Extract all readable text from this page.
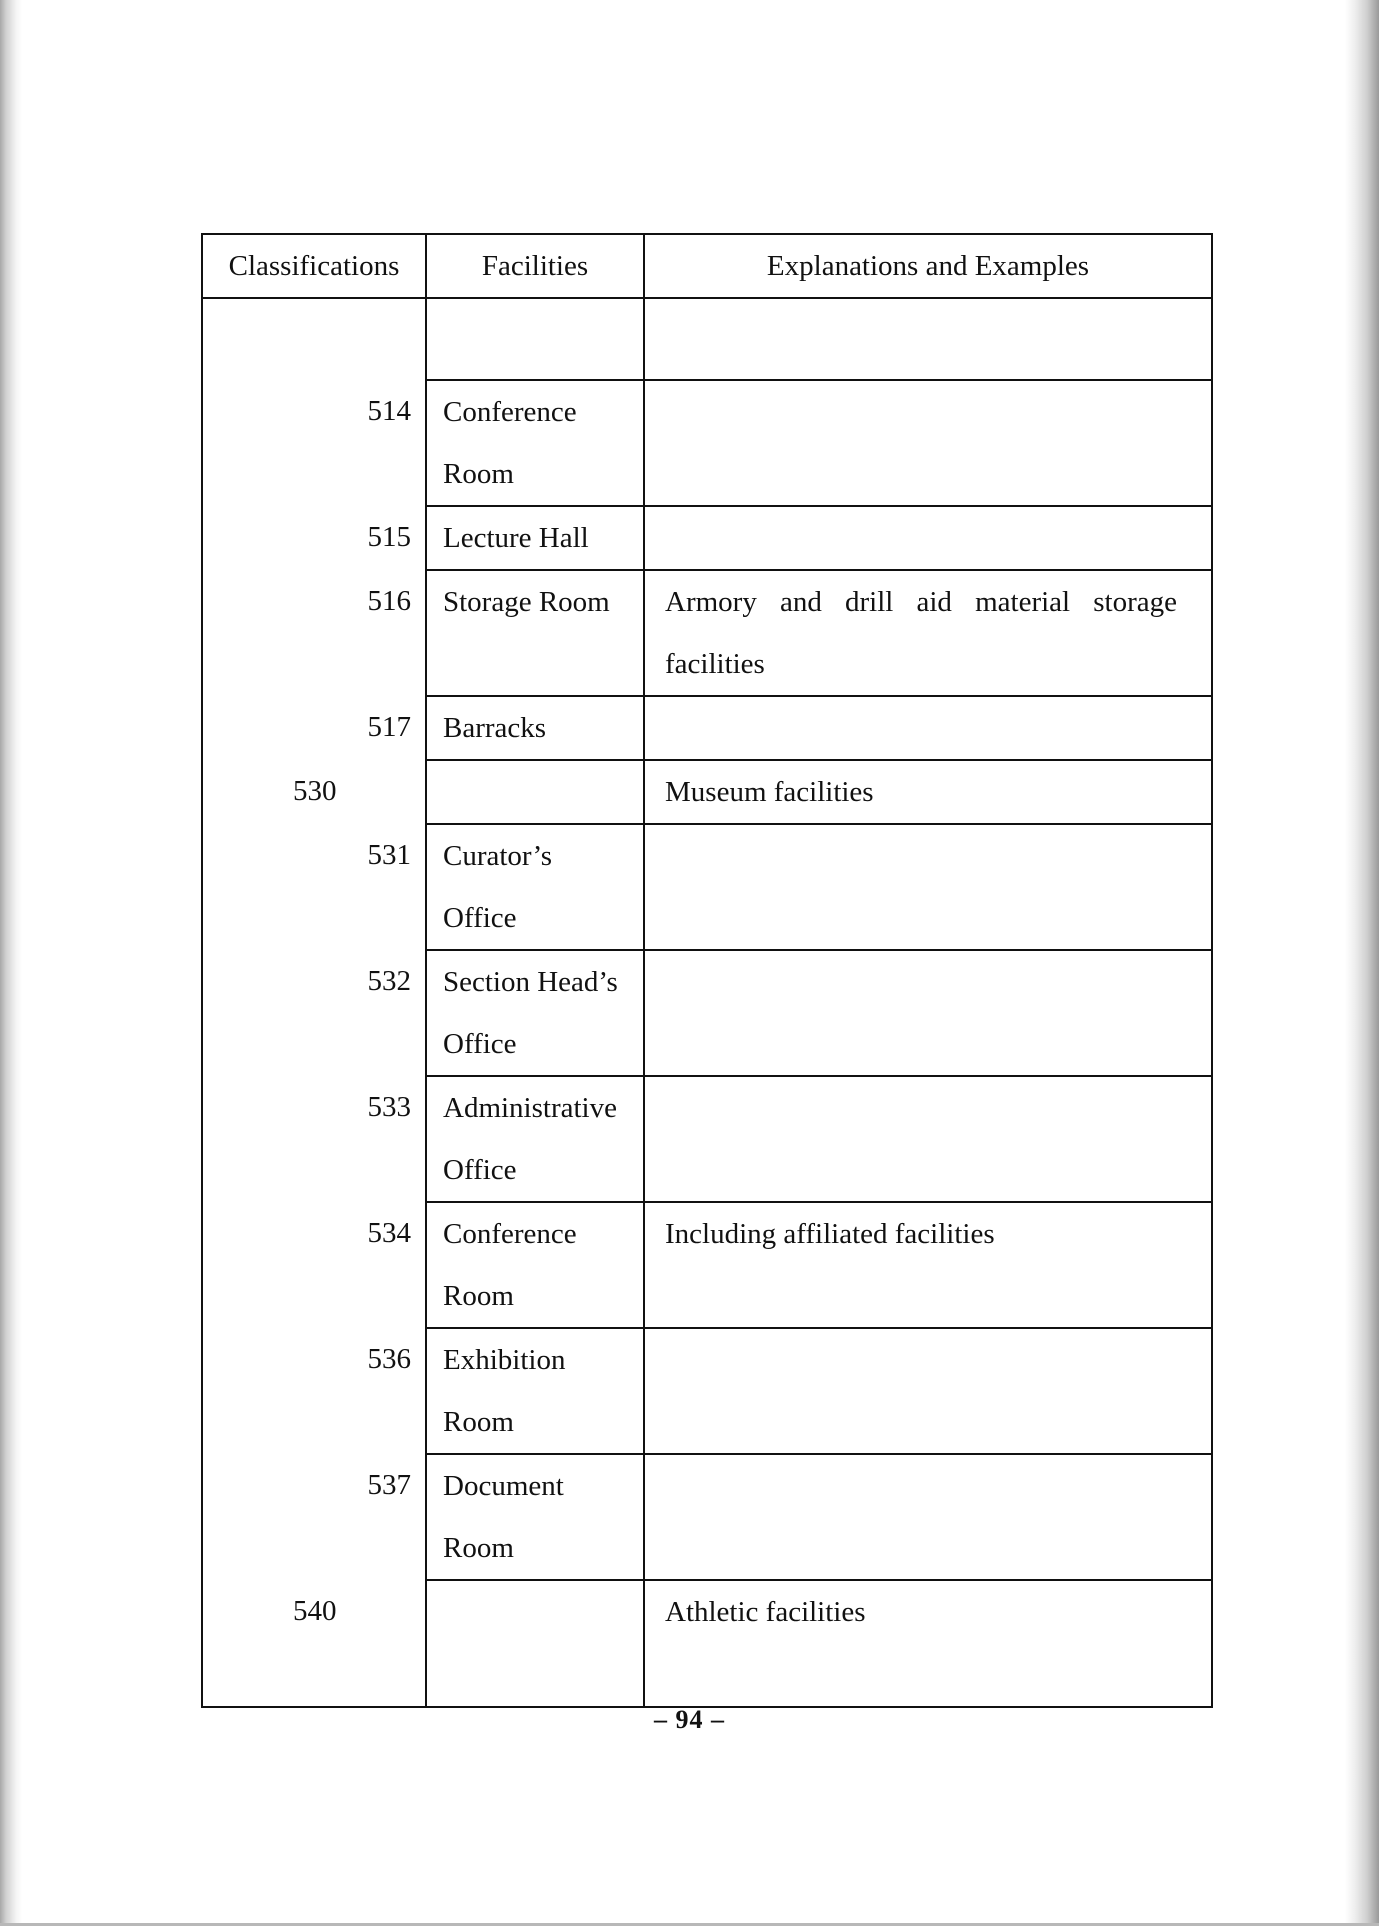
Classifications	Facilities	Explanations and Examples

514	Conference
Room	

515	Lecture Hall	

516	Storage Room	Armory and drill aid material storage
facilities

517	Barracks	

530		Museum facilities

531	Curator’s
Office	

532	Section Head’s
Office	

533	Administrative
Office	

534	Conference
Room	Including affiliated facilities

536	Exhibition
Room	

537	Document
Room	

540		Athletic facilities
– 94 –
